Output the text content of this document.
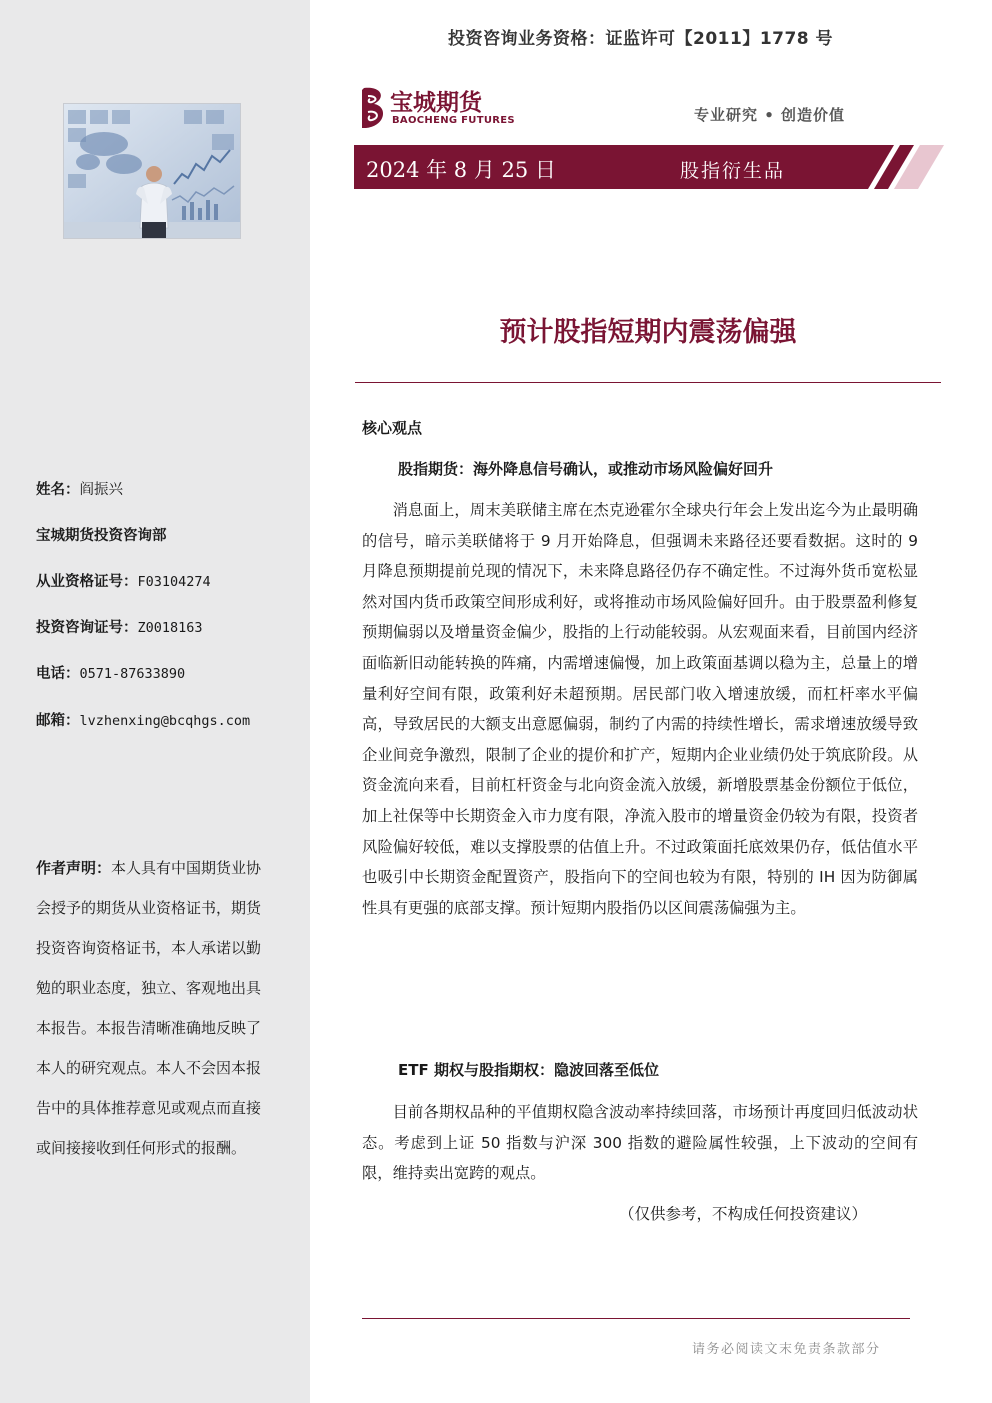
姓名：阎振兴
宝城期货投资咨询部
从业资格证号：F03104274
投资咨询证号：Z0018163
电话：0571-87633890
邮箱：lvzhenxing@bcqhgs.com
作者声明：本人具有中国期货业协会授予的期货从业资格证书，期货投资咨询资格证书，本人承诺以勤勉的职业态度，独立、客观地出具本报告。本报告清晰准确地反映了本人的研究观点。本人不会因本报告中的具体推荐意见或观点而直接或间接接收到任何形式的报酬。
投资咨询业务资格：证监许可【2011】1778 号
宝城期货
BAOCHENG FUTURES	专业研究 • 创造价值
2024 年 8 月 25 日	股指衍生品
预计股指短期内震荡偏强
核心观点
股指期货：海外降息信号确认，或推动市场风险偏好回升
消息面上，周末美联储主席在杰克逊霍尔全球央行年会上发出迄今为止最明确的信号，暗示美联储将于 9 月开始降息，但强调未来路径还要看数据。这时的 9 月降息预期提前兑现的情况下，未来降息路径仍存不确定性。不过海外货币宽松显然对国内货币政策空间形成利好，或将推动市场风险偏好回升。由于股票盈利修复预期偏弱以及增量资金偏少，股指的上行动能较弱。从宏观面来看，目前国内经济面临新旧动能转换的阵痛，内需增速偏慢，加上政策面基调以稳为主，总量上的增量利好空间有限，政策利好未超预期。居民部门收入增速放缓，而杠杆率水平偏高，导致居民的大额支出意愿偏弱，制约了内需的持续性增长，需求增速放缓导致企业间竞争激烈，限制了企业的提价和扩产，短期内企业业绩仍处于筑底阶段。从资金流向来看，目前杠杆资金与北向资金流入放缓，新增股票基金份额位于低位，加上社保等中长期资金入市力度有限，净流入股市的增量资金仍较为有限，投资者风险偏好较低，难以支撑股票的估值上升。不过政策面托底效果仍存，低估值水平也吸引中长期资金配置资产，股指向下的空间也较为有限，特别的 IH 因为防御属性具有更强的底部支撑。预计短期内股指仍以区间震荡偏强为主。
ETF 期权与股指期权：隐波回落至低位
目前各期权品种的平值期权隐含波动率持续回落，市场预计再度回归低波动状态。考虑到上证 50 指数与沪深 300 指数的避险属性较强，上下波动的空间有限，维持卖出宽跨的观点。
（仅供参考，不构成任何投资建议）
请务必阅读文末免责条款部分
